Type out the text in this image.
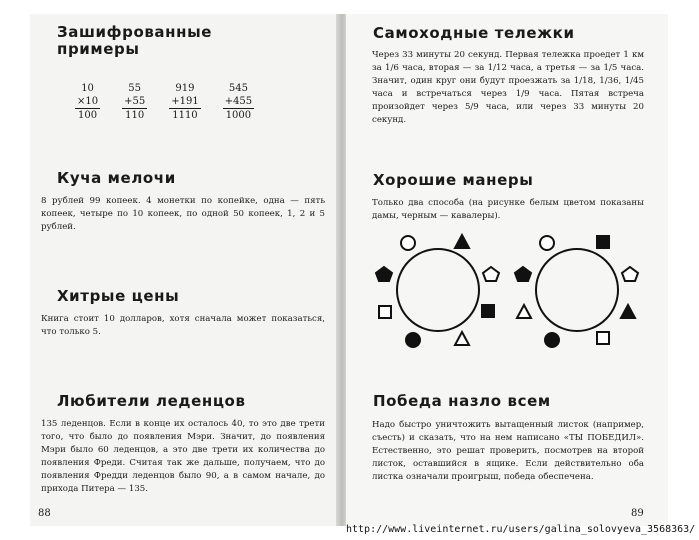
Зашифрованные
примеры
10	55	919	545
×10	+55	+191	+455
100	110	1110	1000
Куча мелочи

8 рублей 99 копеек. 4 монетки по копейке, одна — пять копеек, четыре по 10 копеек, по одной 50 копеек, 1, 2 и 5 рублей.

Хитрые цены

Книга стоит 10 долларов, хотя сначала может показаться, что только 5.

Любители леденцов

135 леденцов. Если в конце их осталось 40, то это две трети того, что было до появления Мэри. Значит, до появления Мэри было 60 леденцов, а это две трети их количества до появления Фреди. Считая так же дальше, получаем, что до появления Фредди леденцов было 90, а в самом начале, до прихода Питера — 135.

88
Самоходные тележки

Через 33 минуты 20 секунд. Первая тележка проедет 1 км за 1/6 часа, вторая — за 1/12 часа, а третья — за 1/5 часа. Значит, один круг они будут проезжать за 1/18, 1/36, 1/45 часа и встречаться через 1/9 часа. Пятая встреча произойдет через 5/9 часа, или через 33 минуты 20 секунд.

Хорошие манеры

Только два способа (на рисунке белым цветом показаны дамы, черным — кавалеры).

Победа назло всем

Надо быстро уничтожить вытащенный листок (например, съесть) и сказать, что на нем написано «ТЫ ПОБЕДИЛ». Естественно, это решат проверить, посмотрев на второй листок, оставшийся в ящике. Если действительно оба листка означали проигрыш, победа обеспечена.

89
http://www.liveinternet.ru/users/galina_solovyeva_3568363/
